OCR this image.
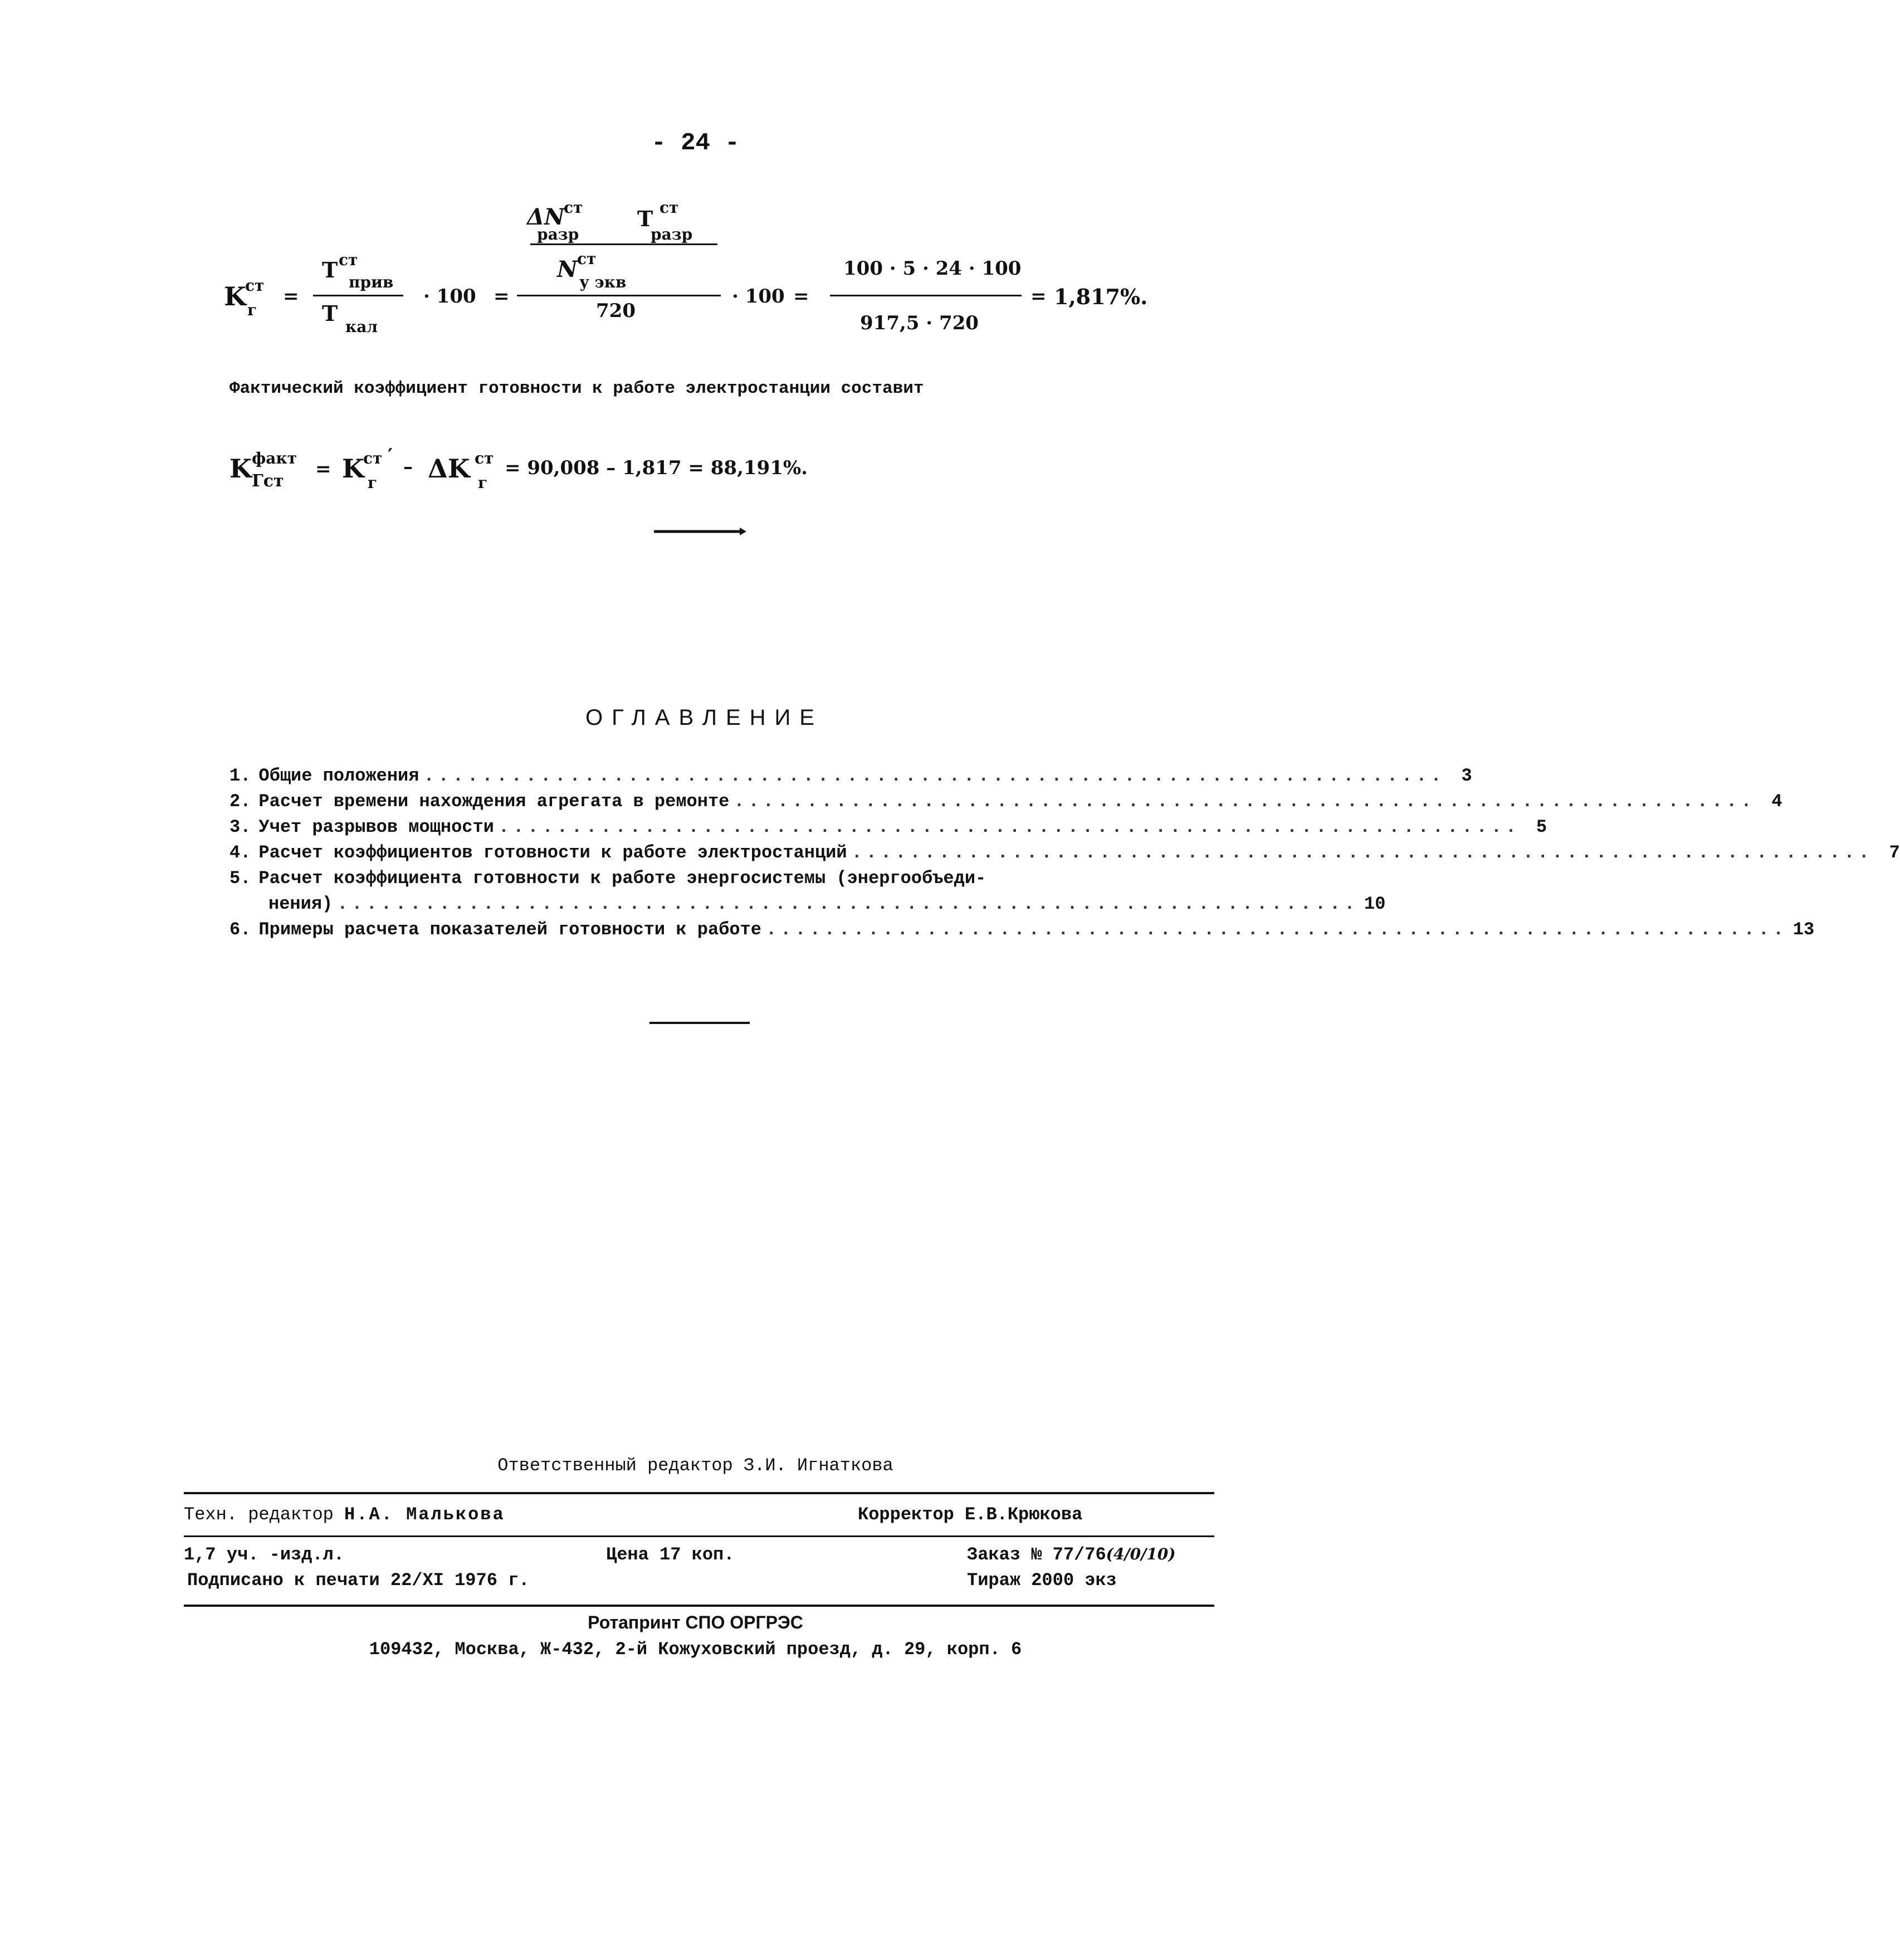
- 24 -
K
ст
г
=
Т ст
прив
Т
кал
· 100 =
ΔN
ст
разр
Т ст
разр
N ст
у экв
720
· 100 =
100 · 5 · 24 · 100
917,5 · 720
= 1,817%.
Фактический коэффициент готовности к работе электростанции составит
K факт
Гст
= K
ст ′
г
– ΔK ст
г
= 90,008 – 1,817 = 88,191%.
ОГЛАВЛЕНИЕ
1. Общие положения ...................................................................... 3
2. Расчет времени нахождения агрегата в ремонте ...................................................................... 4
3. Учет разрывов мощности ...................................................................... 5
4. Расчет коэффициентов готовности к работе электростанций ...................................................................... 7
5. Расчет коэффициента готовности к работе энергосистемы (энергообъеди-
нения) ...................................................................... 10
6. Примеры расчета показателей готовности к работе ...................................................................... 13
Ответственный редактор З.И. Игнаткова
Техн. редактор Н.А. Малькова	Корректор Е.В.Крюкова
1,7 уч. -изд.л.	Цена 17 коп.	Заказ № 77/76(4/0/10)
Подписано к печати 22/XI 1976 г.	Тираж 2000 экз
Ротапринт СПО ОРГРЭС
109432, Москва, Ж-432, 2-й Кожуховский проезд, д. 29, корп. 6
